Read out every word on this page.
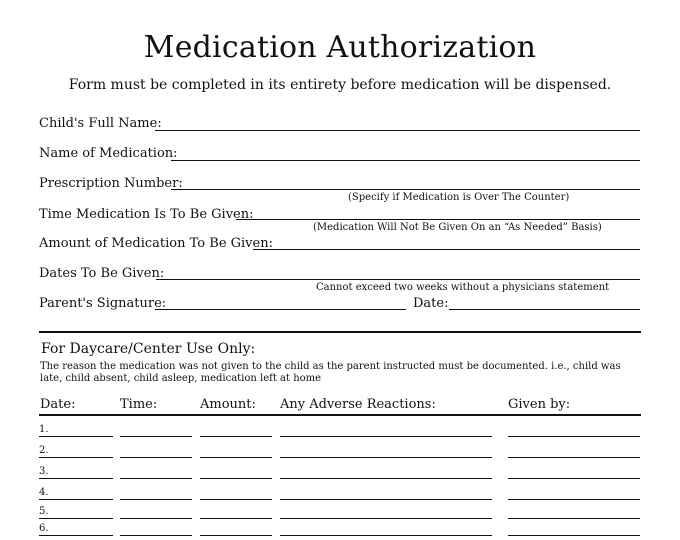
Medication Authorization
Form must be completed in its entirety before medication will be dispensed.
Child's Full Name:
Name of Medication:
Prescription Number:
(Specify if Medication is Over The Counter)
Time Medication Is To Be Given:
(Medication Will Not Be Given On an “As Needed” Basis)
Amount of Medication To Be Given:
Dates To Be Given:
Cannot exceed two weeks without a physicians statement
Parent's Signature:	Date:
For Daycare/Center Use Only:
The reason the medication was not given to the child as the parent instructed must be documented. i.e., child was late, child absent, child asleep, medication left at home
Date:	Time:	Amount: Any Adverse Reactions:	Given by:
1.
2.
3.
4.
5.
6.
